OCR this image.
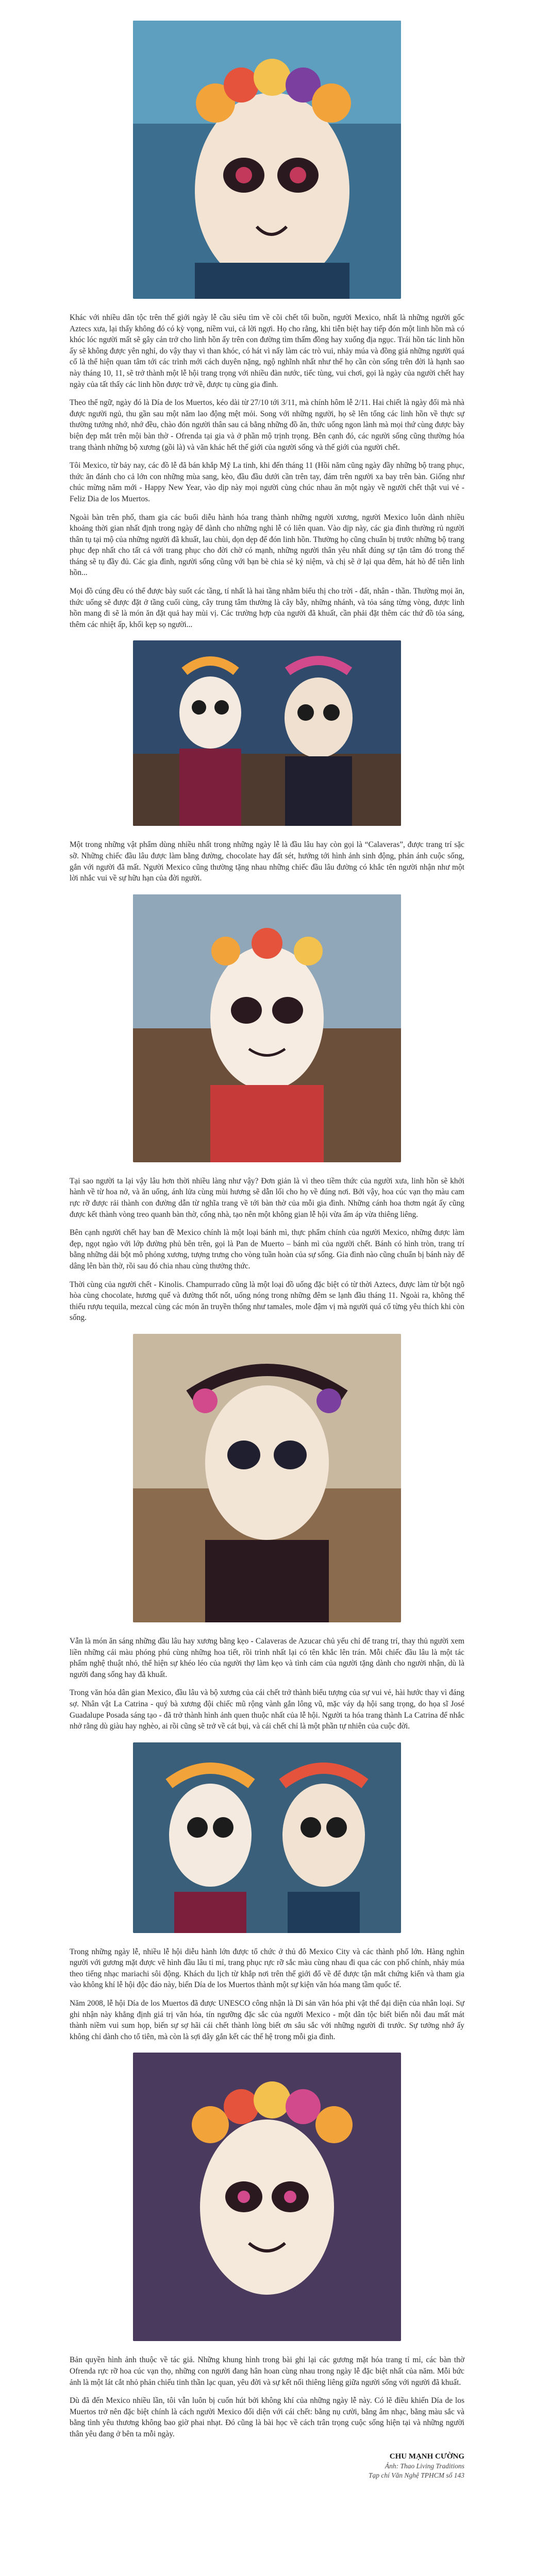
Khác với nhiều dân tộc trên thế giới ngày lễ cầu siêu tìm về cõi chết tối buồn, người Mexico, nhất là những người gốc Aztecs xưa, lại thấy không đó có kỳ vọng, niềm vui, cả lời ngợi. Họ cho rằng, khi tiễn biệt hay tiếp đón một linh hồn mà có khóc lóc người mất sẽ gây cản trở cho linh hồn ấy trên con đường tìm thấm đồng hay xuống địa ngục. Trái hồn tác linh hồn ấy sẽ không được yên nghỉ, do vậy thay vì than khóc, có hát vì nấy làm các trò vui, nhảy múa và đồng giả những người quá cố là thể hiện quan tâm tới các trình mới cách duyên nặng, ngộ nghĩnh nhất như thế họ cần còn sống trên đời là hạnh sao này tháng 10, 11, sẽ trở thành một lễ hội trang trọng với nhiều đàn nước, tiếc tùng, vui chơi, gọi là ngày của người chết hay ngày của tất thấy các linh hồn được trở về, được tụ cùng gia đình.

Theo thể ngữ, ngày đó là Día de los Muertos, kéo dài từ 27/10 tới 3/11, mà chính hôm lễ 2/11. Hai chiết là ngày đối mà nhà được người ngủ, thu gần sau một năm lao động mệt mỏi. Song với những người, họ sẽ lên tổng các linh hồn về thực sự thường tưởng nhớ, nhớ đều, chào đón người thân sau cả bằng những đồ ăn, thức uống ngon lành mà mọi thứ cùng được bày biện đẹp mắt trên mội bàn thờ - Ofrenda tại gia và ở phần mộ trịnh trọng. Bên cạnh đó, các người sống cũng thường hóa trang thành những bộ xương (gồi là) và văn khác hết thế giới của người sống và thế giới của người chết.

Tôi Mexico, từ bảy nay, các đồ lễ đã bán khắp Mỹ La tinh, khi đến tháng 11 (Hồi năm cũng ngày đầy những bộ trang phục, thức ăn đánh cho cả lớn con những mùa sang, kèo, đầu đầu dưới cần trên tay, đám trên người xa bay trên bàn. Giống như chúc mừng năm mới - Happy New Year, vào dịp này mọi người cùng chúc nhau ăn một ngày về người chết thật vui vẻ - Feliz Dia de los Muertos.

Ngoài bàn trên phố, tham gia các buổi diễu hành hóa trang thành những người xương, người Mexico luôn dành nhiều khoảng thời gian nhất định trong ngày để dành cho những nghi lễ có liên quan. Vào dịp này, các gia đình thường rủ người thân tụ tại mộ của những người đã khuất, lau chùi, dọn dẹp để đón linh hồn. Thường họ cũng chuẩn bị trước những bộ trang phục đẹp nhất cho tất cả với trang phục cho đời chờ có mạnh, những người thân yêu nhất đúng sự tận tâm đó trong thế tháng sẽ tụ đầy đủ. Các gia đình, người sống cũng với bạn bè chia sẻ kỷ niệm, và chị sẽ ở lại qua đêm, hát hò để tiễn linh hồn...

Mọi đồ cúng đều có thể được bày suốt các tầng, tí nhất là hai tầng nhằm biểu thị cho trời - đất, nhân - thần. Thường mọi ăn, thức uống sẽ được đặt ở tầng cuối cùng, cây trung tâm thường là cây bẫy, những nhánh, và tỏa sáng từng vòng, được linh hồn mang đi sẽ là món ăn đặt quả hay mùi vị. Các trường hợp của người đã khuất, cần phải đặt thêm các thứ đồ tỏa sáng, thêm các nhiệt ấp, khối kẹp sọ người...

Một trong những vật phẩm dùng nhiều nhất trong những ngày lễ là đầu lâu hay còn gọi là “Calaveras”, được trang trí sặc sỡ. Những chiếc đầu lâu được làm bằng đường, chocolate hay đất sét, hướng tới hình ảnh sinh động, phản ánh cuộc sống, gắn với người đã mất. Người Mexico cũng thường tặng nhau những chiếc đầu lâu đường có khắc tên người nhận như một lời nhắc vui về sự hữu hạn của đời người.

Tại sao người ta lại vậy lâu hơn thời nhiều làng như vậy? Đơn giản là vì theo tiềm thức của người xưa, linh hồn sẽ khởi hành về từ hoa nở, và ăn uống, ánh lửa cùng mùi hương sẽ dẫn lối cho họ về đúng nơi. Bởi vậy, hoa cúc vạn thọ màu cam rực rỡ được rải thành con đường dẫn từ nghĩa trang về tới bàn thờ của mỗi gia đình. Những cánh hoa thơm ngát ấy cũng được kết thành vòng treo quanh bàn thờ, cổng nhà, tạo nên một không gian lễ hội vừa ấm áp vừa thiêng liêng.

Bên cạnh người chết hay ban đề Mexico chính là một loại bánh mì, thực phẩm chính của người Mexico, những được làm đẹp, ngọt ngào với lớp đường phủ bên trên, gọi là Pan de Muerto – bánh mì của người chết. Bánh có hình tròn, trang trí bằng những dải bột mô phỏng xương, tượng trưng cho vòng tuần hoàn của sự sống. Gia đình nào cũng chuẩn bị bánh này để dâng lên bàn thờ, rồi sau đó chia nhau cùng thưởng thức.

Thời cùng của người chết - Kinolis. Champurrado cũng là một loại đồ uống đặc biệt có từ thời Aztecs, được làm từ bột ngô hòa cùng chocolate, hương quế và đường thốt nốt, uống nóng trong những đêm se lạnh đầu tháng 11. Ngoài ra, không thể thiếu rượu tequila, mezcal cùng các món ăn truyền thống như tamales, mole đậm vị mà người quá cố từng yêu thích khi còn sống.

Vẫn là món ăn sáng những đầu lâu hay xương bằng kẹo - Calaveras de Azucar chủ yếu chỉ để trang trí, thay thủ người xem liền những cái màu phóng phú cùng những hoa tiết, rồi trình nhất lại có tên khắc lên trán. Mỗi chiếc đầu lâu là một tác phẩm nghệ thuật nhỏ, thể hiện sự khéo léo của người thợ làm kẹo và tình cảm của người tặng dành cho người nhận, dù là người đang sống hay đã khuất.

Trong văn hóa dân gian Mexico, đầu lâu và bộ xương của cái chết trở thành biểu tượng của sự vui vẻ, hài hước thay vì đáng sợ. Nhân vật La Catrina - quý bà xương đội chiếc mũ rộng vành gắn lông vũ, mặc váy dạ hội sang trọng, do họa sĩ José Guadalupe Posada sáng tạo - đã trở thành hình ảnh quen thuộc nhất của lễ hội. Người ta hóa trang thành La Catrina để nhắc nhở rằng dù giàu hay nghèo, ai rồi cũng sẽ trở về cát bụi, và cái chết chỉ là một phần tự nhiên của cuộc đời.

Trong những ngày lễ, nhiều lễ hội diễu hành lớn được tổ chức ở thủ đô Mexico City và các thành phố lớn. Hàng nghìn người với gương mặt được vẽ hình đầu lâu tỉ mỉ, trang phục rực rỡ sắc màu cùng nhau đi qua các con phố chính, nhảy múa theo tiếng nhạc mariachi sôi động. Khách du lịch từ khắp nơi trên thế giới đổ về để được tận mắt chứng kiến và tham gia vào không khí lễ hội độc đáo này, biến Día de los Muertos thành một sự kiện văn hóa mang tầm quốc tế.

Năm 2008, lễ hội Día de los Muertos đã được UNESCO công nhận là Di sản văn hóa phi vật thể đại diện của nhân loại. Sự ghi nhận này khẳng định giá trị văn hóa, tín ngưỡng đặc sắc của người Mexico - một dân tộc biết biến nỗi đau mất mát thành niềm vui sum họp, biến sự sợ hãi cái chết thành lòng biết ơn sâu sắc với những người đi trước. Sự tưởng nhớ ấy không chỉ dành cho tổ tiên, mà còn là sợi dây gắn kết các thế hệ trong mỗi gia đình.

Bản quyền hình ảnh thuộc về tác giả. Những khung hình trong bài ghi lại các gương mặt hóa trang tỉ mỉ, các bàn thờ Ofrenda rực rỡ hoa cúc vạn thọ, những con người đang hân hoan cùng nhau trong ngày lễ đặc biệt nhất của năm. Mỗi bức ảnh là một lát cắt nhỏ phản chiếu tinh thần lạc quan, yêu đời và sự kết nối thiêng liêng giữa người sống với người đã khuất.

Dù đã đến Mexico nhiều lần, tôi vẫn luôn bị cuốn hút bởi không khí của những ngày lễ này. Có lẽ điều khiến Día de los Muertos trở nên đặc biệt chính là cách người Mexico đối diện với cái chết: bằng nụ cười, bằng âm nhạc, bằng màu sắc và bằng tình yêu thương không bao giờ phai nhạt. Đó cũng là bài học về cách trân trọng cuộc sống hiện tại và những người thân yêu đang ở bên ta mỗi ngày.

CHU MẠNH CƯỜNG
Ảnh: Thao Living Traditions
Tạp chí Văn Nghệ TPHCM số 143
